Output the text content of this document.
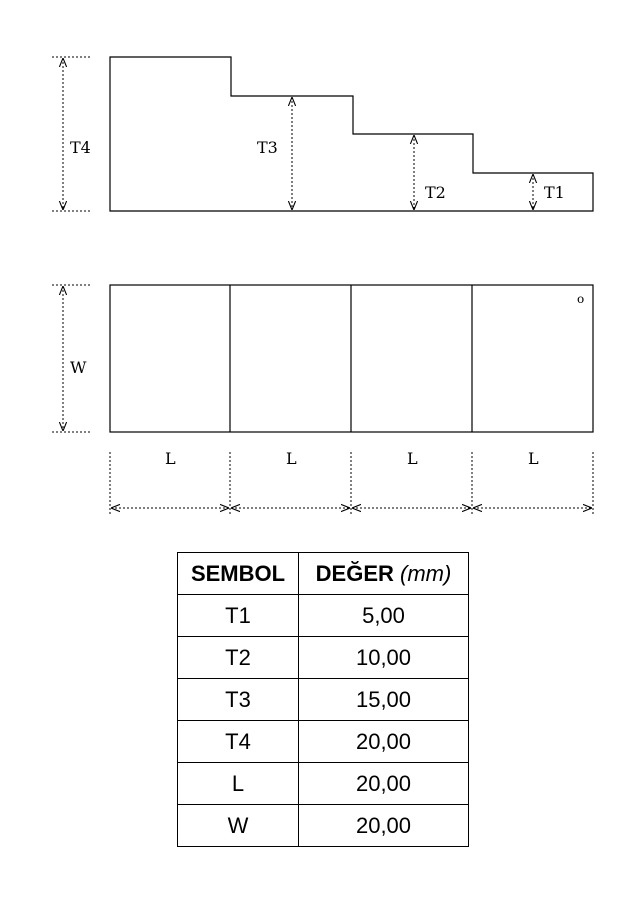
T4	T3
T2	T1
o
W
L	L	L	L
SEMBOL	DEĞER (mm)
T1	5,00
T2	10,00
T3	15,00
T4	20,00
L	20,00
W	20,00
